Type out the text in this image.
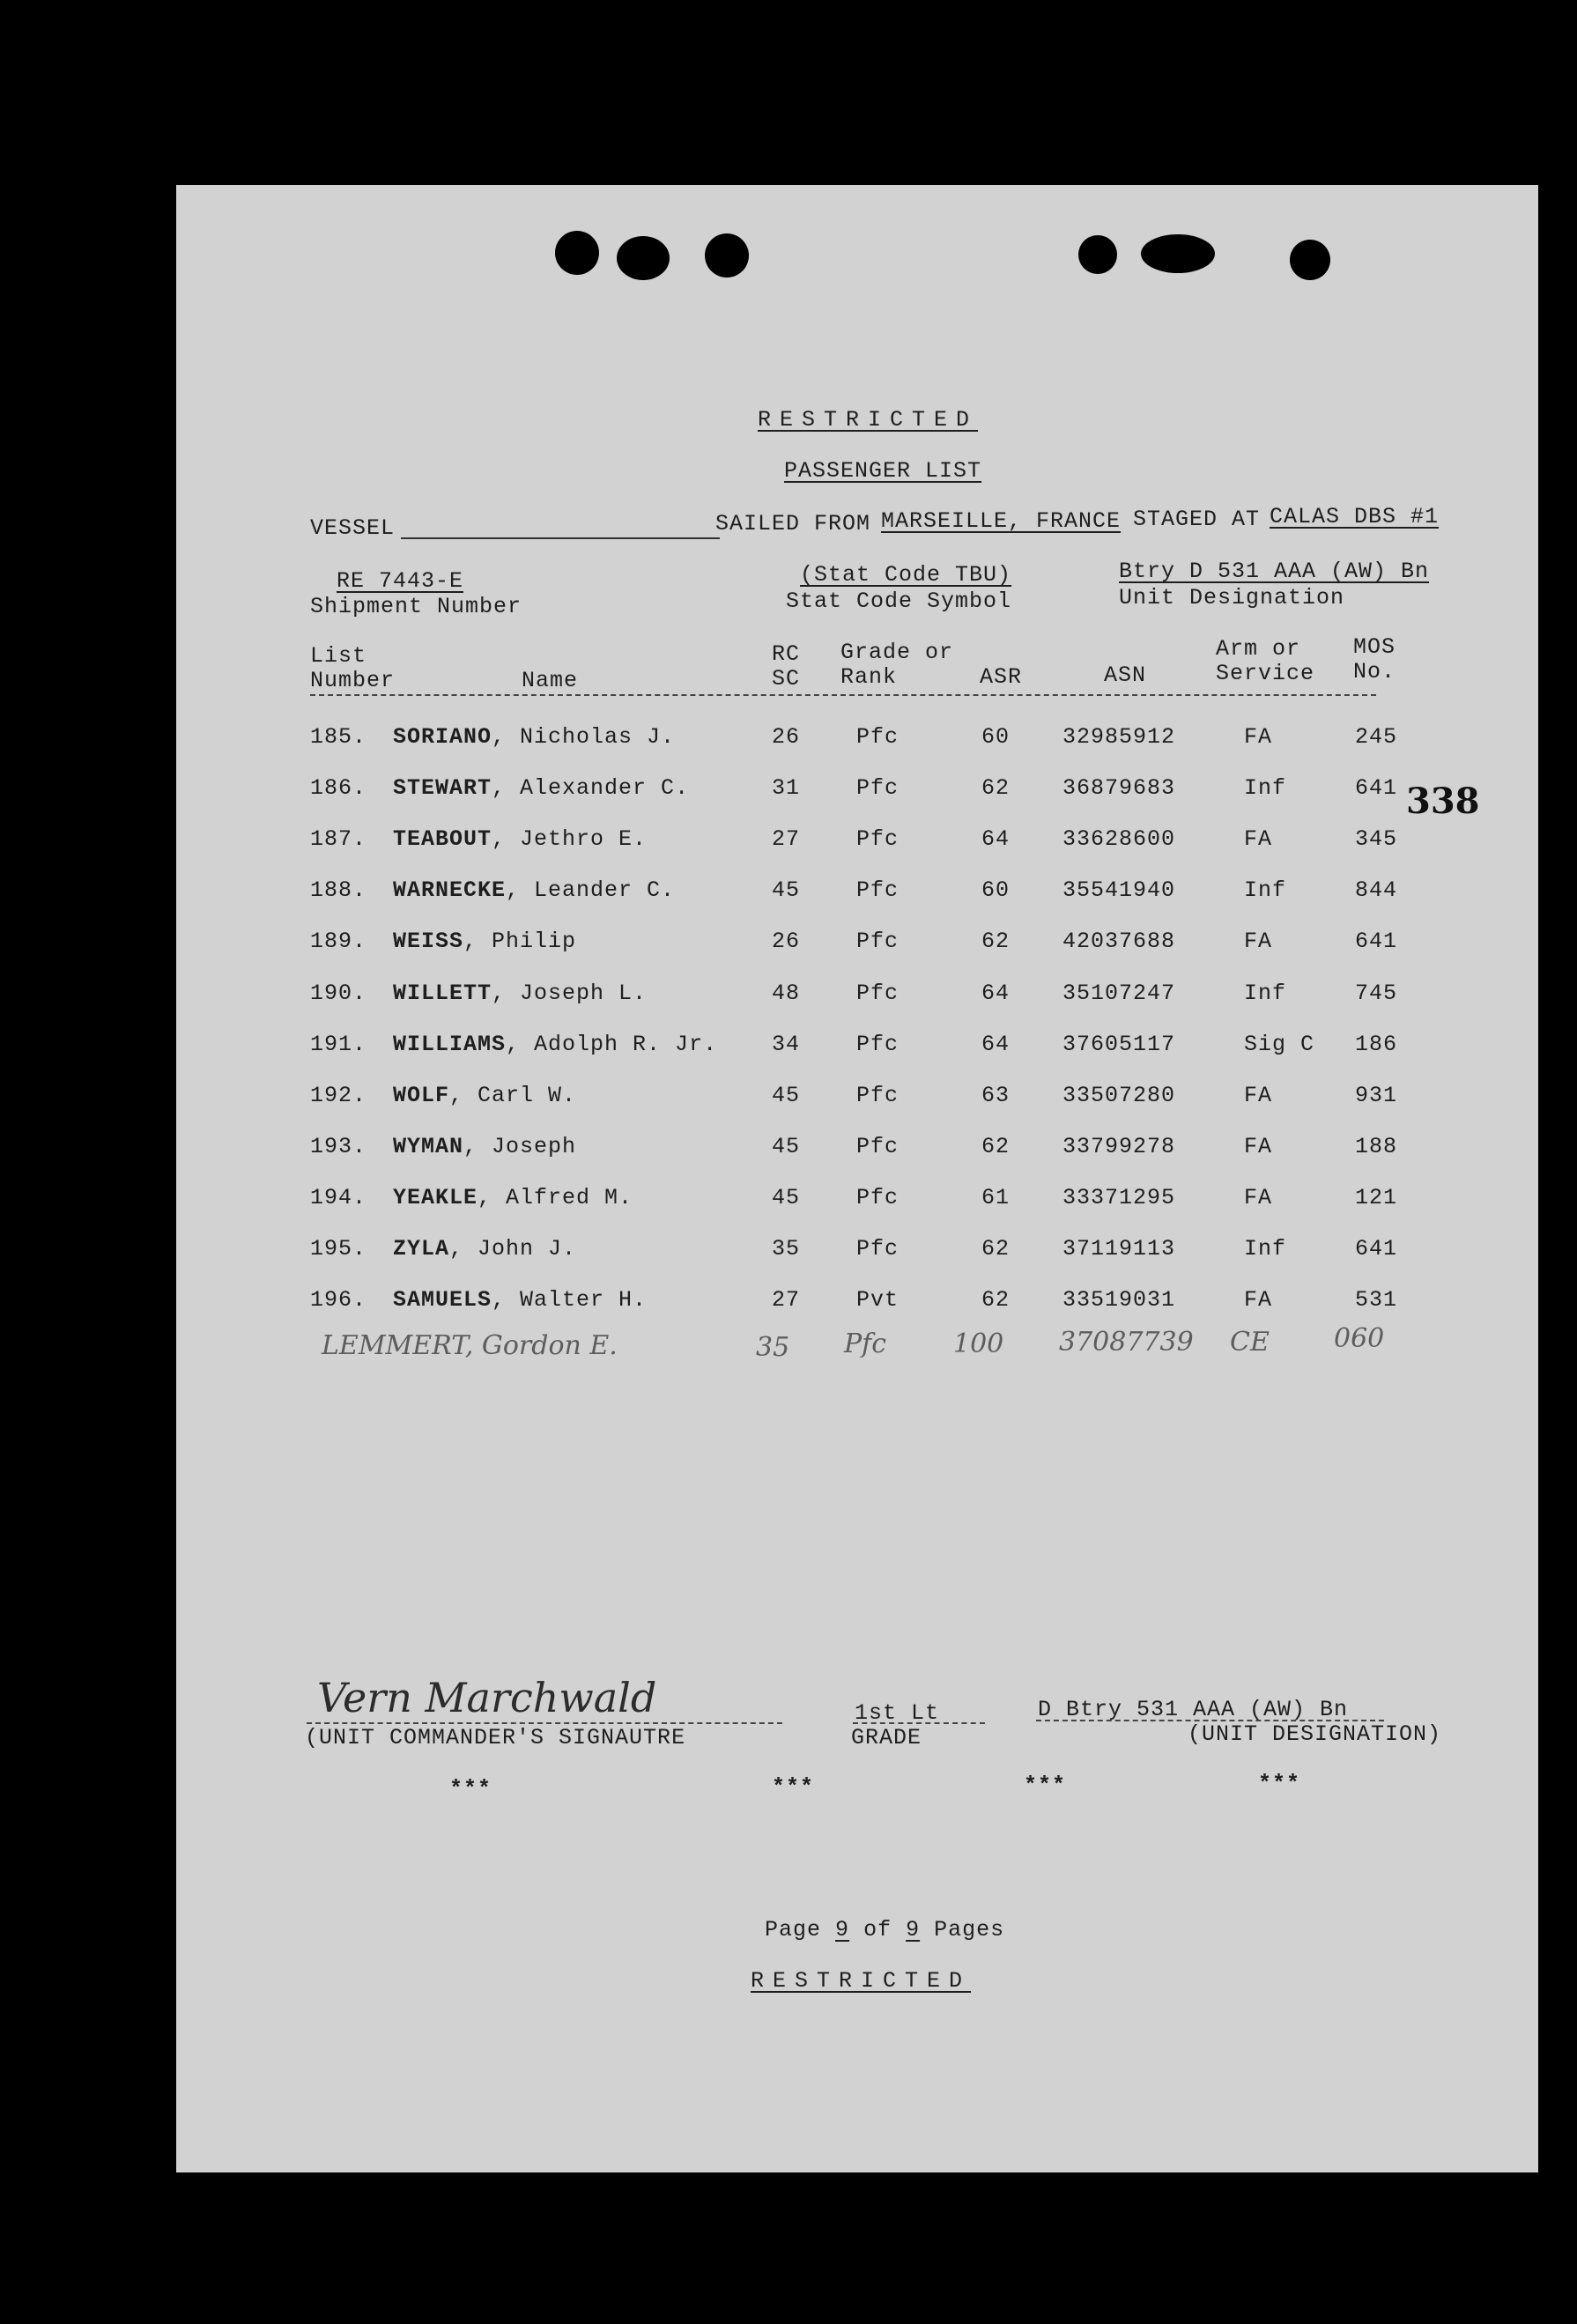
RESTRICTED
PASSENGER LIST
VESSEL	SAILED FROM MARSEILLE, FRANCE STAGED AT CALAS DBS #1
RE 7443-E
Shipment Number
(Stat Code TBU)
Stat Code Symbol
Btry D 531 AAA (AW) Bn
Unit Designation
List
Number	Name
RC
SC
Grade or
Rank	ASR	ASN
Arm or
Service
MOS
No.
185. SORIANO, Nicholas J.	26	Pfc	60 32985912	FA	245
186. STEWART, Alexander C.	31	Pfc	62 36879683	Inf	641
187. TEABOUT, Jethro E.	27	Pfc	64 33628600	FA	345
188. WARNECKE, Leander C.	45	Pfc	60 35541940	Inf	844
189. WEISS, Philip	26	Pfc	62 42037688	FA	641
190. WILLETT, Joseph L.	48	Pfc	64 35107247	Inf	745
191. WILLIAMS, Adolph R. Jr. 34	Pfc	64 37605117	Sig C 186
192. WOLF, Carl W.	45	Pfc	63 33507280	FA	931
193. WYMAN, Joseph	45	Pfc	62 33799278	FA	188
194. YEAKLE, Alfred M.	45	Pfc	61 33371295	FA	121
195. ZYLA, John J.	35	Pfc	62 37119113	Inf	641
196. SAMUELS, Walter H.	27	Pvt	62 33519031	FA	531
338
LEMMERT, Gordon E.	35 Pfc	100 37087739 CE 060
Vern Marchwald
(UNIT COMMANDER'S SIGNAUTRE
1st Lt
GRADE
D Btry 531 AAA (AW) Bn
(UNIT DESIGNATION)
***	***	***	***
Page 9 of 9 Pages
RESTRICTED
